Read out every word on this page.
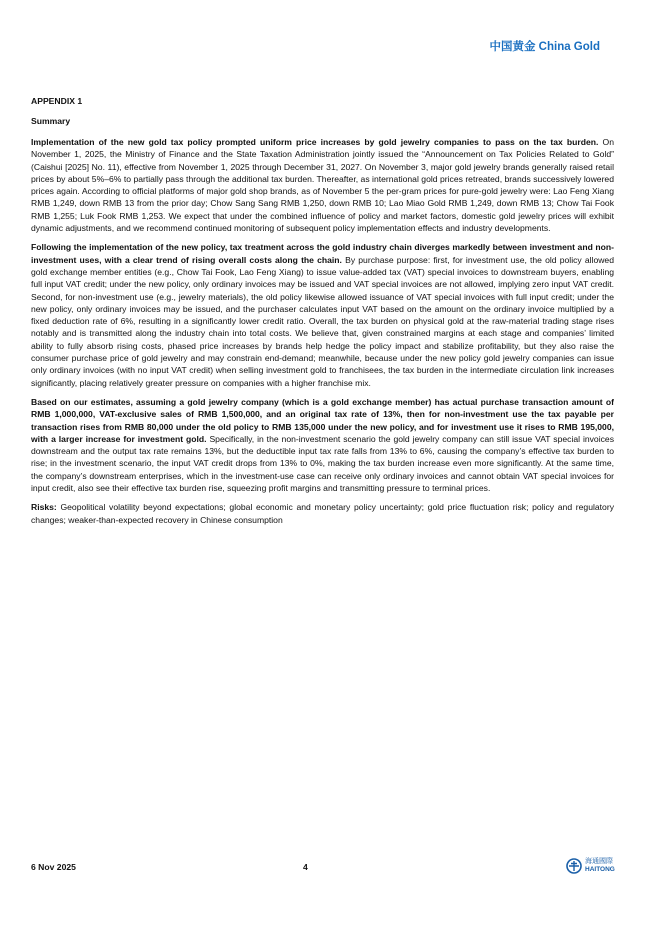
中国黄金 China Gold
APPENDIX 1
Summary

Implementation of the new gold tax policy prompted uniform price increases by gold jewelry companies to pass on the tax burden. On November 1, 2025, the Ministry of Finance and the State Taxation Administration jointly issued the “Announcement on Tax Policies Related to Gold” (Caishui [2025] No. 11), effective from November 1, 2025 through December 31, 2027. On November 3, major gold jewelry brands generally raised retail prices by about 5%–6% to partially pass through the additional tax burden. Thereafter, as international gold prices retreated, brands successively lowered prices again. According to official platforms of major gold shop brands, as of November 5 the per-gram prices for pure-gold jewelry were: Lao Feng Xiang RMB 1,249, down RMB 13 from the prior day; Chow Sang Sang RMB 1,250, down RMB 10; Lao Miao Gold RMB 1,249, down RMB 13; Chow Tai Fook RMB 1,255; Luk Fook RMB 1,253. We expect that under the combined influence of policy and market factors, domestic gold jewelry prices will exhibit dynamic adjustments, and we recommend continued monitoring of subsequent policy implementation effects and industry developments.

Following the implementation of the new policy, tax treatment across the gold industry chain diverges markedly between investment and non-investment uses, with a clear trend of rising overall costs along the chain. By purchase purpose: first, for investment use, the old policy allowed gold exchange member entities (e.g., Chow Tai Fook, Lao Feng Xiang) to issue value-added tax (VAT) special invoices to downstream buyers, enabling full input VAT credit; under the new policy, only ordinary invoices may be issued and VAT special invoices are not allowed, implying zero input VAT credit. Second, for non-investment use (e.g., jewelry materials), the old policy likewise allowed issuance of VAT special invoices with full input credit; under the new policy, only ordinary invoices may be issued, and the purchaser calculates input VAT based on the amount on the ordinary invoice multiplied by a fixed deduction rate of 6%, resulting in a significantly lower credit ratio. Overall, the tax burden on physical gold at the raw-material trading stage rises notably and is transmitted along the industry chain into total costs. We believe that, given constrained margins at each stage and companies’ limited ability to fully absorb rising costs, phased price increases by brands help hedge the policy impact and stabilize profitability, but they also raise the consumer purchase price of gold jewelry and may constrain end-demand; meanwhile, because under the new policy gold jewelry companies can issue only ordinary invoices (with no input VAT credit) when selling investment gold to franchisees, the tax burden in the intermediate circulation link increases significantly, placing relatively greater pressure on companies with a higher franchise mix.

Based on our estimates, assuming a gold jewelry company (which is a gold exchange member) has actual purchase transaction amount of RMB 1,000,000, VAT-exclusive sales of RMB 1,500,000, and an original tax rate of 13%, then for non-investment use the tax payable per transaction rises from RMB 80,000 under the old policy to RMB 135,000 under the new policy, and for investment use it rises to RMB 195,000, with a larger increase for investment gold. Specifically, in the non-investment scenario the gold jewelry company can still issue VAT special invoices downstream and the output tax rate remains 13%, but the deductible input tax rate falls from 13% to 6%, causing the company’s effective tax burden to rise; in the investment scenario, the input VAT credit drops from 13% to 0%, making the tax burden increase even more significantly. At the same time, the company’s downstream enterprises, which in the investment-use case can receive only ordinary invoices and cannot obtain VAT special invoices for input credit, also see their effective tax burden rise, squeezing profit margins and transmitting pressure to terminal prices.

Risks: Geopolitical volatility beyond expectations; global economic and monetary policy uncertainty; gold price fluctuation risk; policy and regulatory changes; weaker-than-expected recovery in Chinese consumption

6 Nov 2025	4
海通國際
HAITONG
